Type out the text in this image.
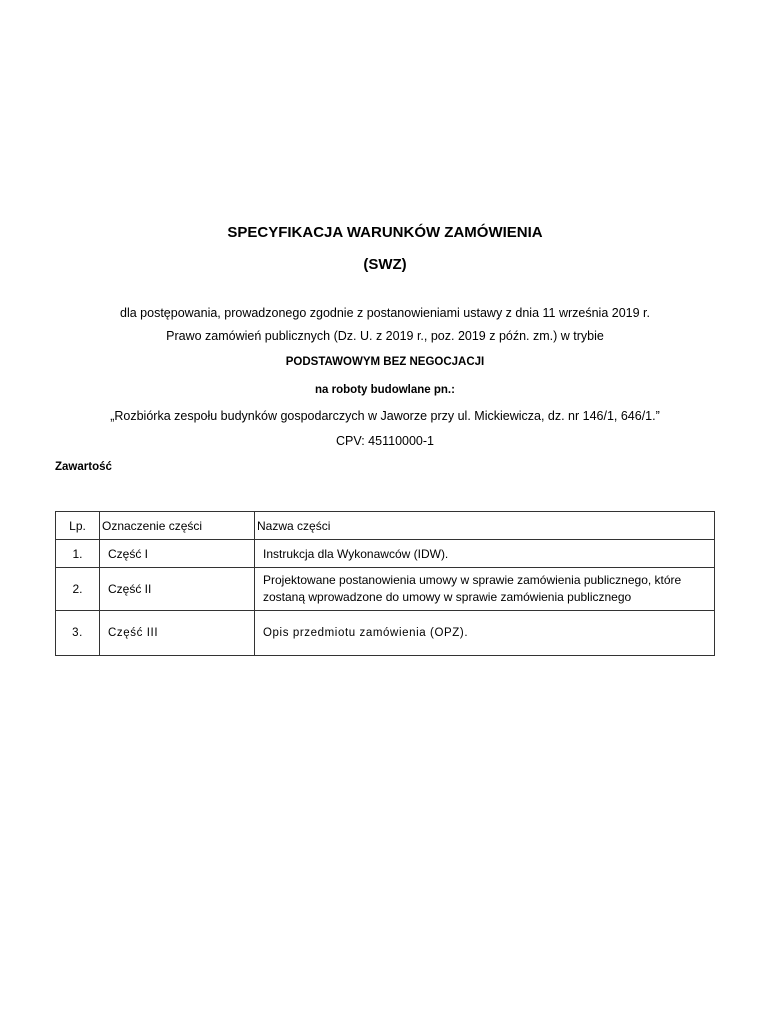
SPECYFIKACJA WARUNKÓW ZAMÓWIENIA
(SWZ)
dla postępowania, prowadzonego zgodnie z postanowieniami ustawy z dnia 11 września 2019 r.
Prawo zamówień publicznych (Dz. U. z 2019 r., poz. 2019 z późn. zm.) w trybie
PODSTAWOWYM BEZ NEGOCJACJI
na roboty budowlane pn.:
„Rozbiórka zespołu budynków gospodarczych w Jaworze przy ul. Mickiewicza, dz. nr 146/1, 646/1.”
CPV: 45110000-1
Zawartość
Lp.	Oznaczenie części	Nazwa części
1.	Część I	Instrukcja dla Wykonawców (IDW).
2.	Część II	Projektowane postanowienia umowy w sprawie zamówienia publicznego, które zostaną wprowadzone do umowy w sprawie zamówienia publicznego
3.	Część III	Opis przedmiotu zamówienia (OPZ).
